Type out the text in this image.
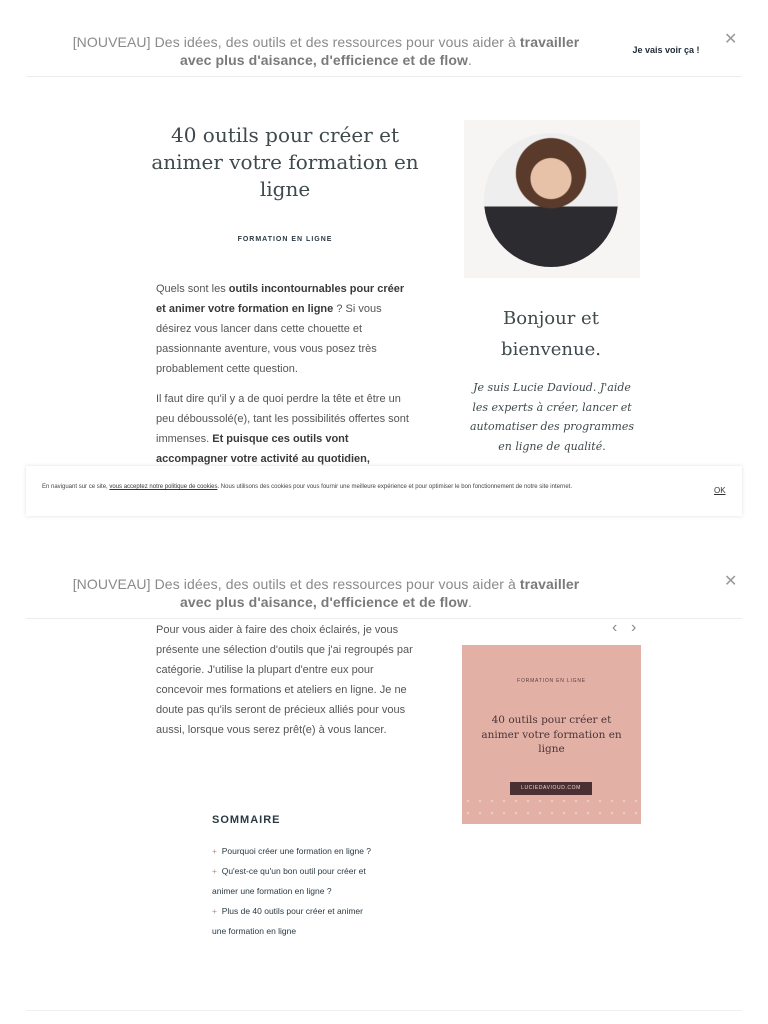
[NOUVEAU] Des idées, des outils et des ressources pour vous aider à travailler
avec plus d'aisance, d'efficience et de flow.
Je vais voir ça !
✕
40 outils pour créer et animer votre formation en ligne
FORMATION EN LIGNE
Quels sont les outils incontournables pour créer et animer votre formation en ligne ? Si vous désirez vous lancer dans cette chouette et passionnante aventure, vous vous posez très probablement cette question.
Il faut dire qu'il y a de quoi perdre la tête et être un peu déboussolé(e), tant les possibilités offertes sont immenses. Et puisque ces outils vont accompagner votre activité au quotidien,
Bonjour et bienvenue.
Je suis Lucie Davioud. J'aide les experts à créer, lancer et automatiser des programmes en ligne de qualité.
En naviguant sur ce site, vous acceptez notre politique de cookies. Nous utilisons des cookies pour vous fournir une meilleure expérience et pour optimiser le bon fonctionnement de notre site internet.	OK
[NOUVEAU] Des idées, des outils et des ressources pour vous aider à travailler
avec plus d'aisance, d'efficience et de flow.
✕
Pour vous aider à faire des choix éclairés, je vous présente une sélection d'outils que j'ai regroupés par catégorie. J'utilise la plupart d'entre eux pour concevoir mes formations et ateliers en ligne. Je ne doute pas qu'ils seront de précieux alliés pour vous aussi, lorsque vous serez prêt(e) à vous lancer.
‹ ›
FORMATION EN LIGNE
40 outils pour créer et animer votre formation en ligne
LUCIEDAVIOUD.COM
SOMMAIRE
+ Pourquoi créer une formation en ligne ?
+ Qu'est-ce qu'un bon outil pour créer et animer une formation en ligne ?
+ Plus de 40 outils pour créer et animer une formation en ligne
